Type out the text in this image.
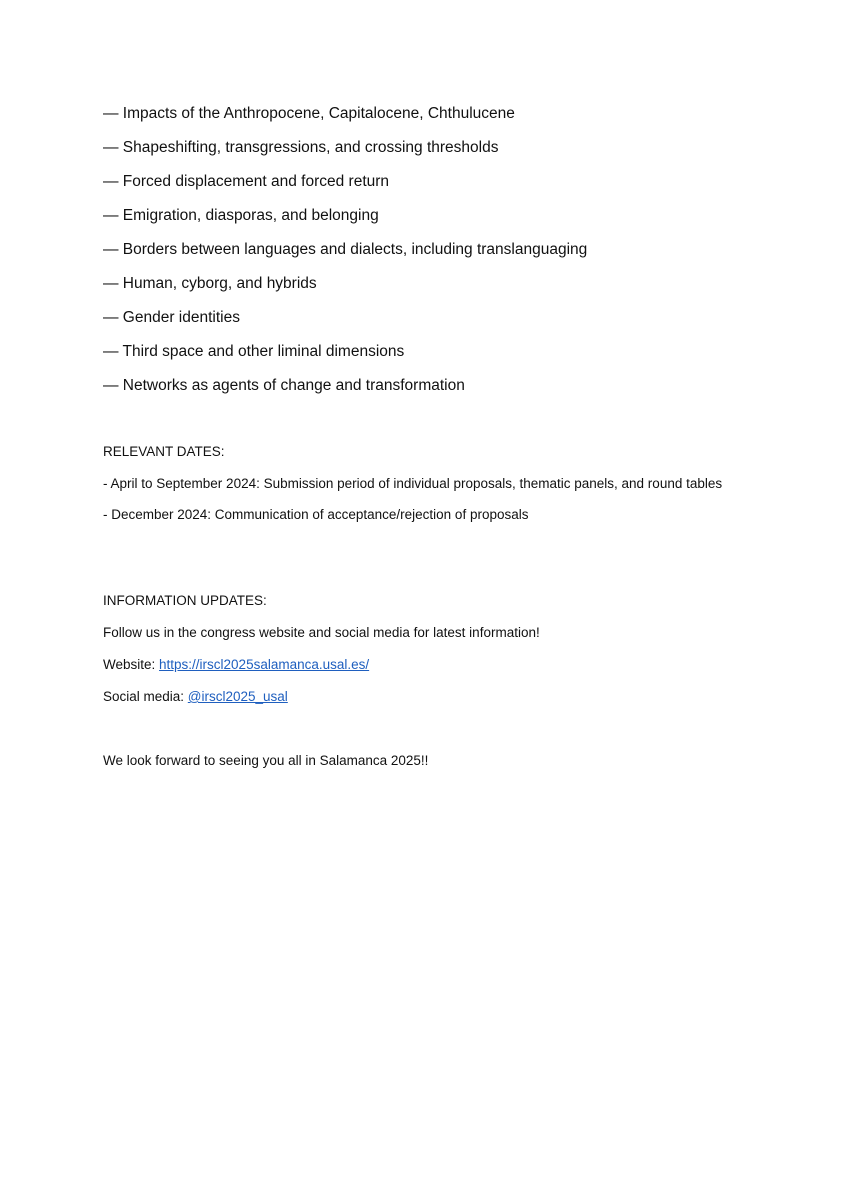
— Impacts of the Anthropocene, Capitalocene, Chthulucene
— Shapeshifting, transgressions, and crossing thresholds
— Forced displacement and forced return
— Emigration, diasporas, and belonging
— Borders between languages and dialects, including translanguaging
— Human, cyborg, and hybrids
— Gender identities
— Third space and other liminal dimensions
— Networks as agents of change and transformation

RELEVANT DATES:

- April to September 2024: Submission period of individual proposals, thematic panels, and round tables

- December 2024: Communication of acceptance/rejection of proposals

INFORMATION UPDATES:

Follow us in the congress website and social media for latest information!

Website: https://irscl2025salamanca.usal.es/

Social media: @irscl2025_usal

We look forward to seeing you all in Salamanca 2025!!
